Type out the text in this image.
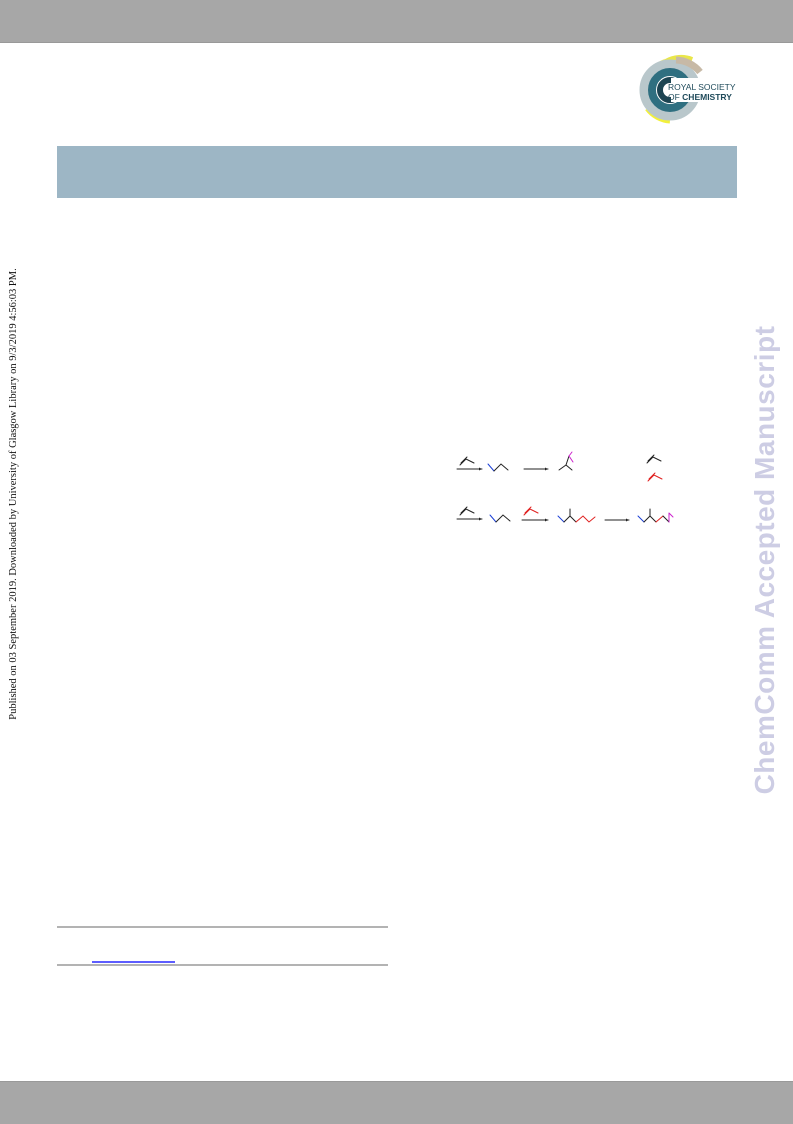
ROYAL SOCIETY
OF CHEMISTRY
Published on 03 September 2019. Downloaded by University of Glasgow Library on 9/3/2019 4:56:03 PM.	ChemComm Accepted Manuscript
